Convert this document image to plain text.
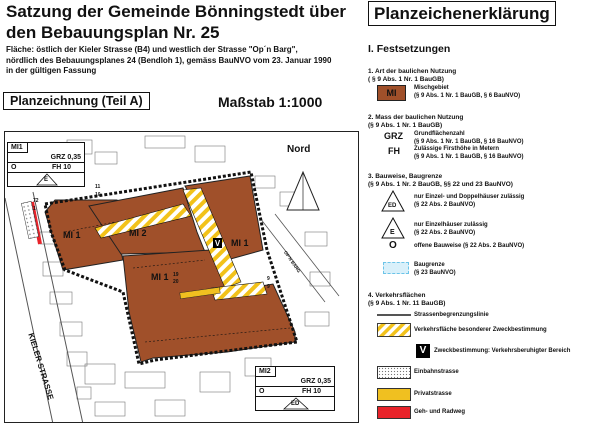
Satzung der Gemeinde Bönningstedt über
den Bebauungsplan Nr. 25
Fläche: östlich der Kieler Strasse (B4) und westlich der Strasse "Op´n Barg",
nördlich des Bebauungsplanes 24 (Bendloh 1), gemäss BauNVO vom 23. Januar 1990
in der gültigen Fassung
Planzeichnung (Teil A)	Maßstab 1:1000
V
Nord
KIELER STRASSE
OP'N BARG
MI 1	MI 2
MI 1
MI 1
72
1
11
10
19
20	9
9
MI1
GRZ 0,35
O	FH 10
E
MI2
GRZ 0,35
O	FH 10
ED
Planzeichenerklärung
I. Festsetzungen
1. Art der baulichen Nutzung
( § 9 Abs. 1 Nr. 1 BauGB)
MI	Mischgebiet
(§ 9 Abs. 1 Nr. 1 BauGB, § 6 BauNVO)
2. Mass der baulichen Nutzung
(§ 9 Abs. 1 Nr. 1 BauGB)
GRZ Grundflächenzahl
(§ 9 Abs. 1 Nr. 1 BauGB, § 16 BauNVO)
FH Zulässige Firsthöhe in Metern
(§ 9 Abs. 1 Nr. 1 BauGB, § 16 BauNVO)
3. Bauweise, Baugrenze
(§ 9 Abs. 1 Nr. 2 BauGB, §§ 22 und 23 BauNVO)
ED
nur Einzel- und Doppelhäuser zulässig
(§ 22 Abs. 2 BauNVO)
E
nur Einzelhäuser zulässig
(§ 22 Abs. 2 BauNVO)
O	offene Bauweise (§ 22 Abs. 2 BauNVO)
Baugrenze
(§ 23 BauNVO)
4. Verkehrsflächen
(§ 9 Abs. 1 Nr. 11 BauGB)
Strassenbegrenzungslinie
Verkehrsfläche besonderer Zweckbestimmung
V	Zweckbestimmung: Verkehrsberuhigter Bereich
Einbahnstrasse
Privatstrasse
Geh- und Radweg
